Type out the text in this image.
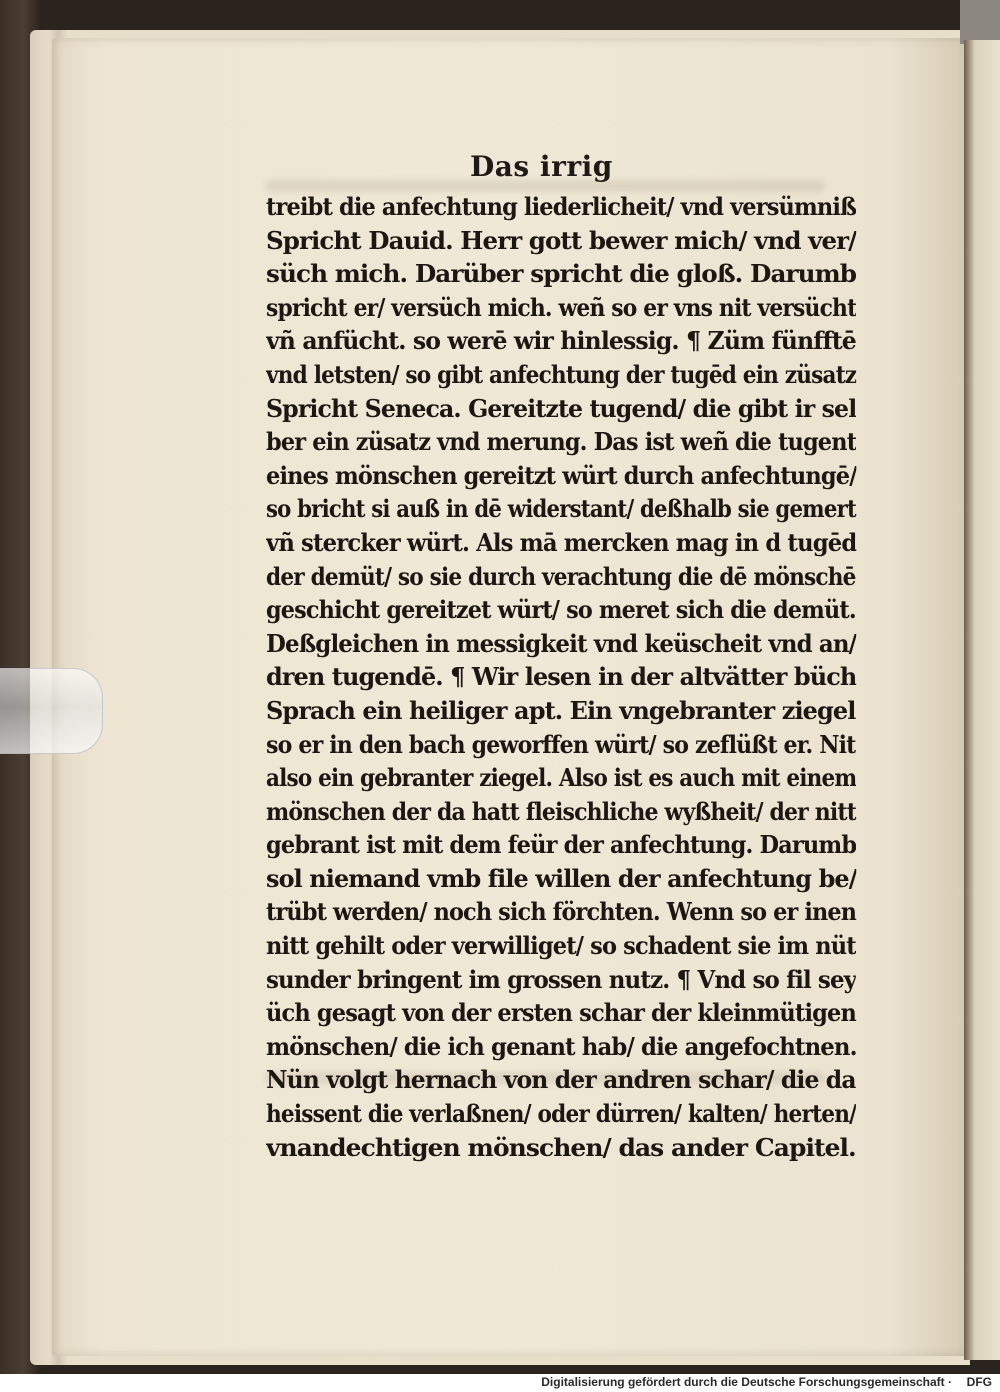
Das irrig
treibt die anfechtung liederlicheit/ vnd versümniß
Spricht Dauid. Herr gott bewer mich/ vnd ver/
süch mich. Darüber spricht die gloß. Darumb
spricht er/ versüch mich. weñ so er vns nit versücht
vñ anfücht. so werē wir hinlessig. ¶ Züm fünfftē
vnd letsten/ so gibt anfechtung der tugēd ein züsatz
Spricht Seneca. Gereitzte tugend/ die gibt ir sel
ber ein züsatz vnd merung. Das ist weñ die tugent
eines mönschen gereitzt würt durch anfechtungē/
so bricht si auß in dē widerstant/ deßhalb sie gemert
vñ stercker würt. Als mā mercken mag in d tugēd
der demüt/ so sie durch verachtung die dē mönschē
geschicht gereitzet würt/ so meret sich die demüt.
Deßgleichen in messigkeit vnd keüscheit vnd an/
dren tugendē. ¶ Wir lesen in der altvätter büch
Sprach ein heiliger apt. Ein vngebranter ziegel
so er in den bach geworffen würt/ so zeflüßt er. Nit
also ein gebranter ziegel. Also ist es auch mit einem
mönschen der da hatt fleischliche wyßheit/ der nitt
gebrant ist mit dem feür der anfechtung. Darumb
sol niemand vmb file willen der anfechtung be/
trübt werden/ noch sich förchten. Wenn so er inen
nitt gehilt oder verwilliget/ so schadent sie im nüt
sunder bringent im grossen nutz. ¶ Vnd so fil sey
üch gesagt von der ersten schar der kleinmütigen
mönschen/ die ich genant hab/ die angefochtnen.
Nün volgt hernach von der andren schar/ die da
heissent die verlaßnen/ oder dürren/ kalten/ herten/
vnandechtigen mönschen/ das ander Capitel.
Digitalisierung gefördert durch die Deutsche Forschungsgemeinschaft · DFG
